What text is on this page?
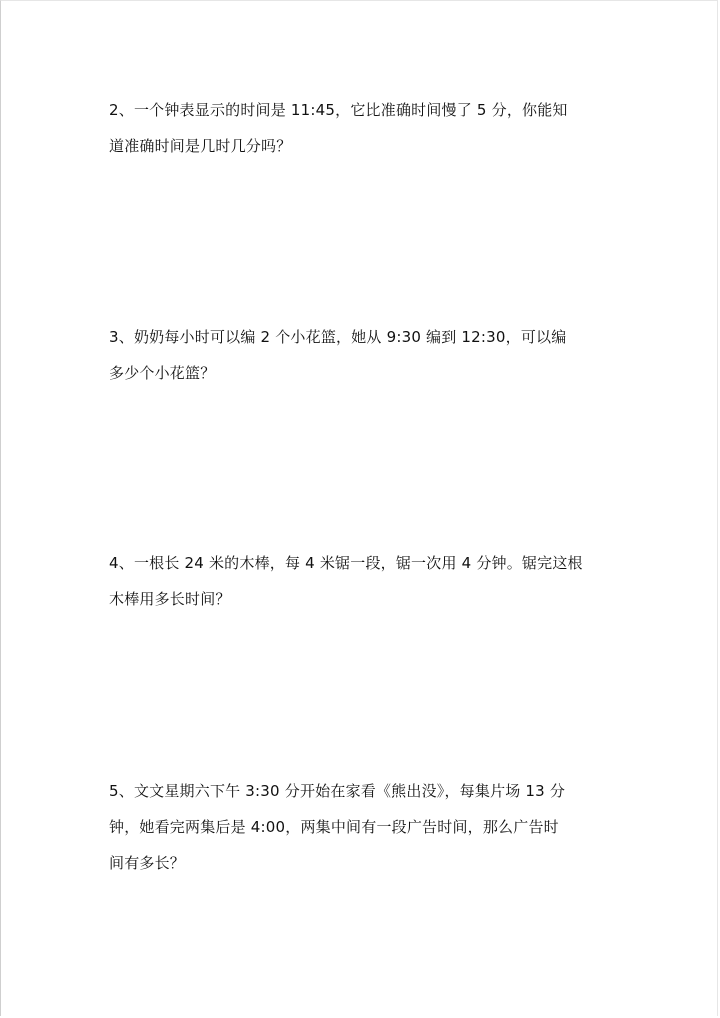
2、一个钟表显示的时间是 11:45，它比准确时间慢了 5 分，你能知
道准确时间是几时几分吗？
3、奶奶每小时可以编 2 个小花篮，她从 9:30 编到 12:30，可以编
多少个小花篮？
4、一根长 24 米的木棒，每 4 米锯一段，锯一次用 4 分钟。锯完这根
木棒用多长时间？
5、文文星期六下午 3:30 分开始在家看《熊出没》，每集片场 13 分
钟，她看完两集后是 4:00，两集中间有一段广告时间，那么广告时
间有多长？
